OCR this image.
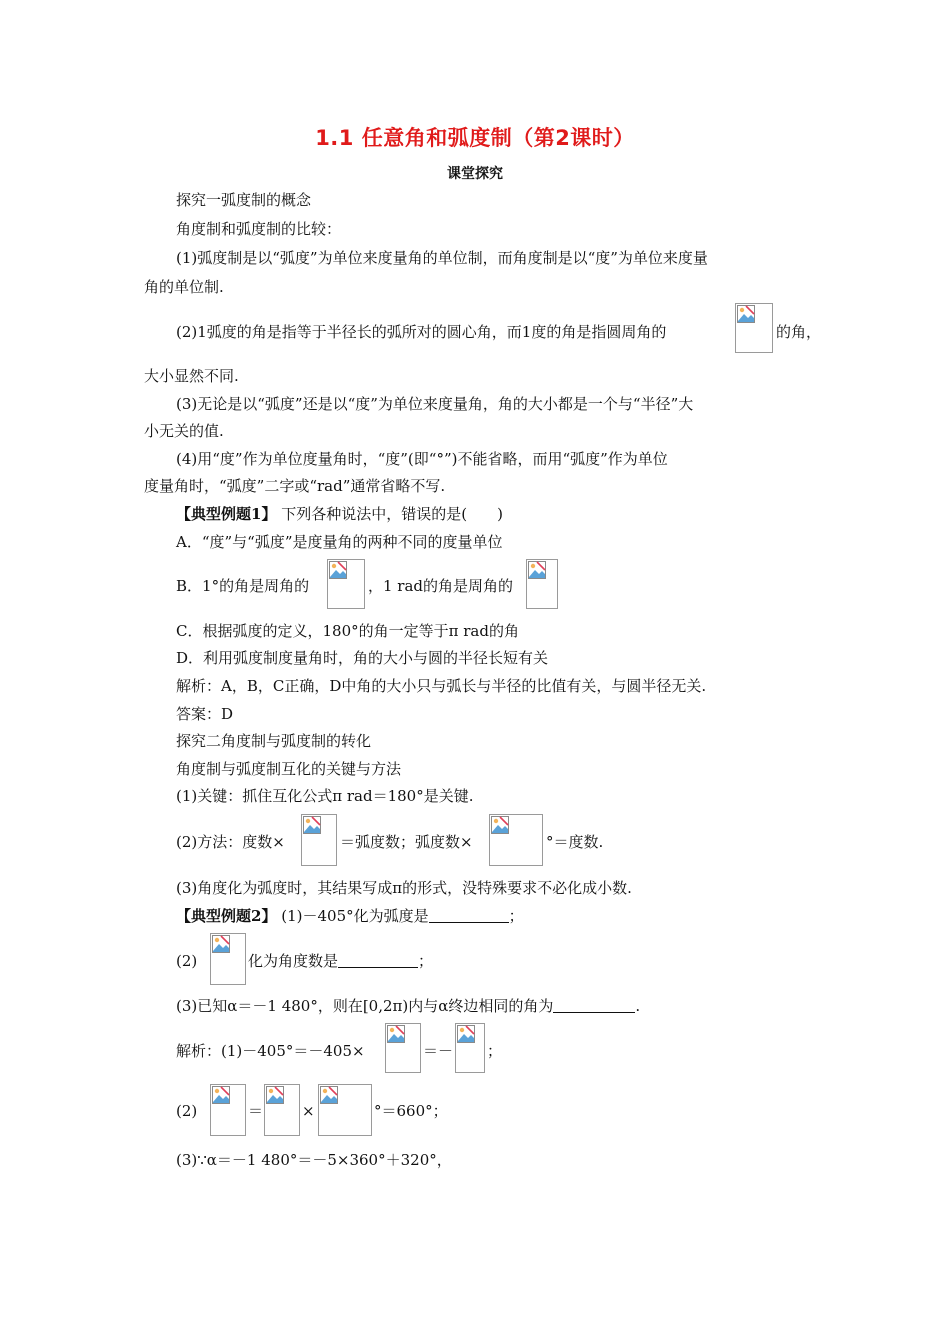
1.1 任意角和弧度制（第2课时）
课堂探究
探究一弧度制的概念
角度制和弧度制的比较：
(1)弧度制是以“弧度”为单位来度量角的单位制，而角度制是以“度”为单位来度量
角的单位制.
(2)1弧度的角是指等于半径长的弧所对的圆心角，而1度的角是指圆周角的	的角，
大小显然不同.
(3)无论是以“弧度”还是以“度”为单位来度量角，角的大小都是一个与“半径”大
小无关的值.
(4)用“度”作为单位度量角时，“度”(即“°”)不能省略，而用“弧度”作为单位
度量角时，“弧度”二字或“rad”通常省略不写.
【典型例题1】 下列各种说法中，错误的是(　　)
A．“度”与“弧度”是度量角的两种不同的度量单位
B．1°的角是周角的	，1 rad的角是周角的
C．根据弧度的定义，180°的角一定等于π rad的角
D．利用弧度制度量角时，角的大小与圆的半径长短有关
解析：A，B，C正确，D中角的大小只与弧长与半径的比值有关，与圆半径无关.
答案：D
探究二角度制与弧度制的转化
角度制与弧度制互化的关键与方法
(1)关键：抓住互化公式π rad＝180°是关键.
(2)方法：度数×	＝弧度数；弧度数×	°＝度数.
(3)角度化为弧度时，其结果写成π的形式，没特殊要求不必化成小数.
【典型例题2】 (1)－405°化为弧度是	；
(2)	化为角度数是	；
(3)已知α＝－1 480°，则在[0,2π)内与α终边相同的角为	.
解析：(1)－405°＝－405×	＝－ ；
(2)	＝	×	°＝660°；
(3)∵α＝－1 480°＝－5×360°＋320°，
